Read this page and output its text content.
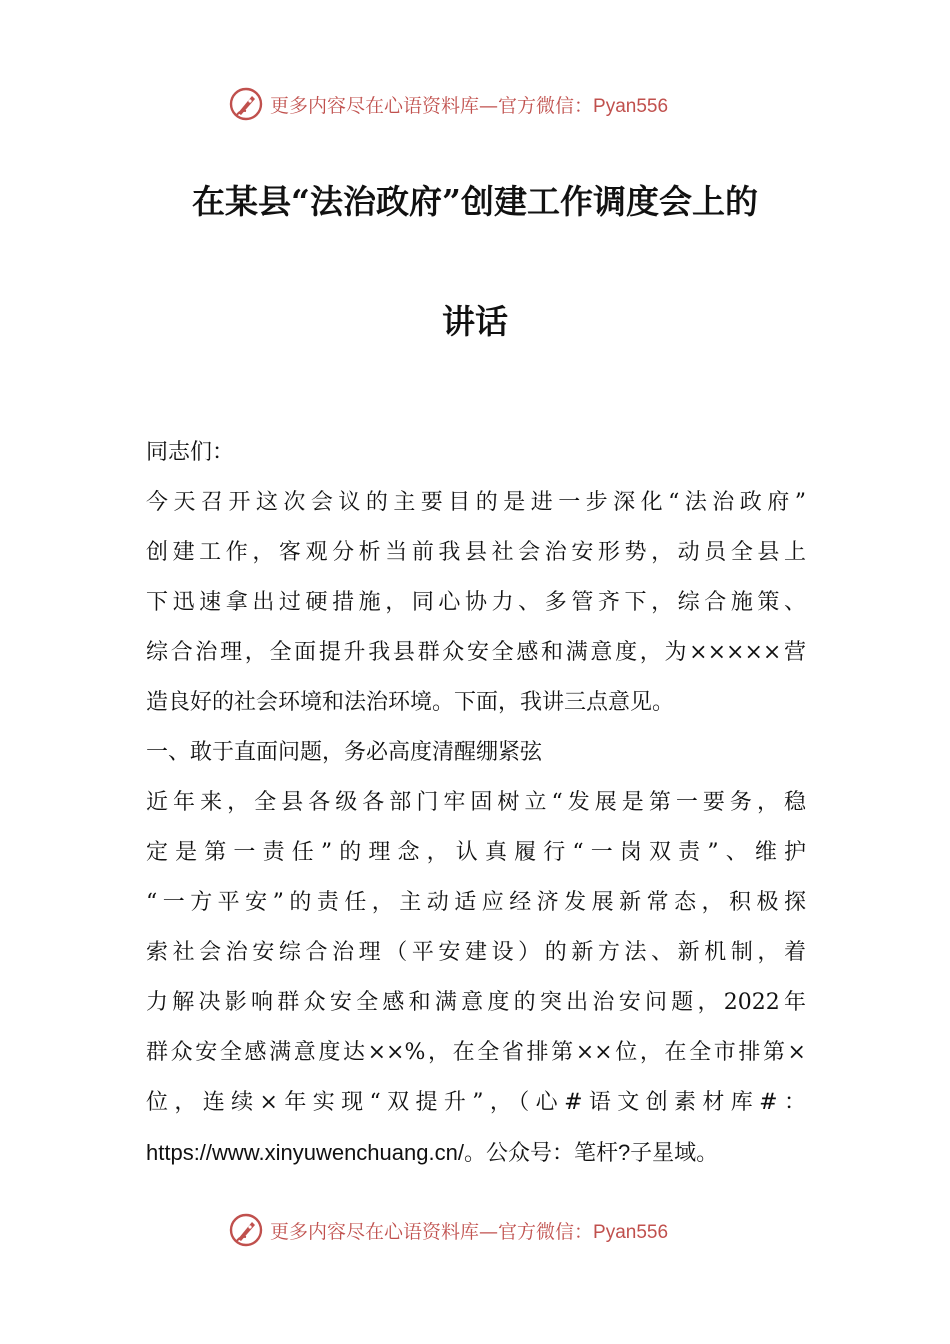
更多内容尽在心语资料库—官方微信：Pyan556
在某县“法治政府”创建工作调度会上的
讲话
同志们：
今天召开这次会议的主要目的是进一步深化“法治政府”
创建工作，客观分析当前我县社会治安形势，动员全县上
下迅速拿出过硬措施，同心协力、多管齐下，综合施策、
综合治理，全面提升我县群众安全感和满意度，为×××××营
造良好的社会环境和法治环境。下面，我讲三点意见。
一、敢于直面问题，务必高度清醒绷紧弦
近年来，全县各级各部门牢固树立“发展是第一要务，稳
定是第一责任”的理念，认真履行“一岗双责”、维护
“一方平安”的责任，主动适应经济发展新常态，积极探
索社会治安综合治理（平安建设）的新方法、新机制，着
力解决影响群众安全感和满意度的突出治安问题，2022年
群众安全感满意度达××%，在全省排第××位，在全市排第×
位，连续×年实现“双提升”，（心#语文创素材库#：
https://www.xinyuwenchuang.cn/。公众号：笔杆?子星域。
更多内容尽在心语资料库—官方微信：Pyan556
